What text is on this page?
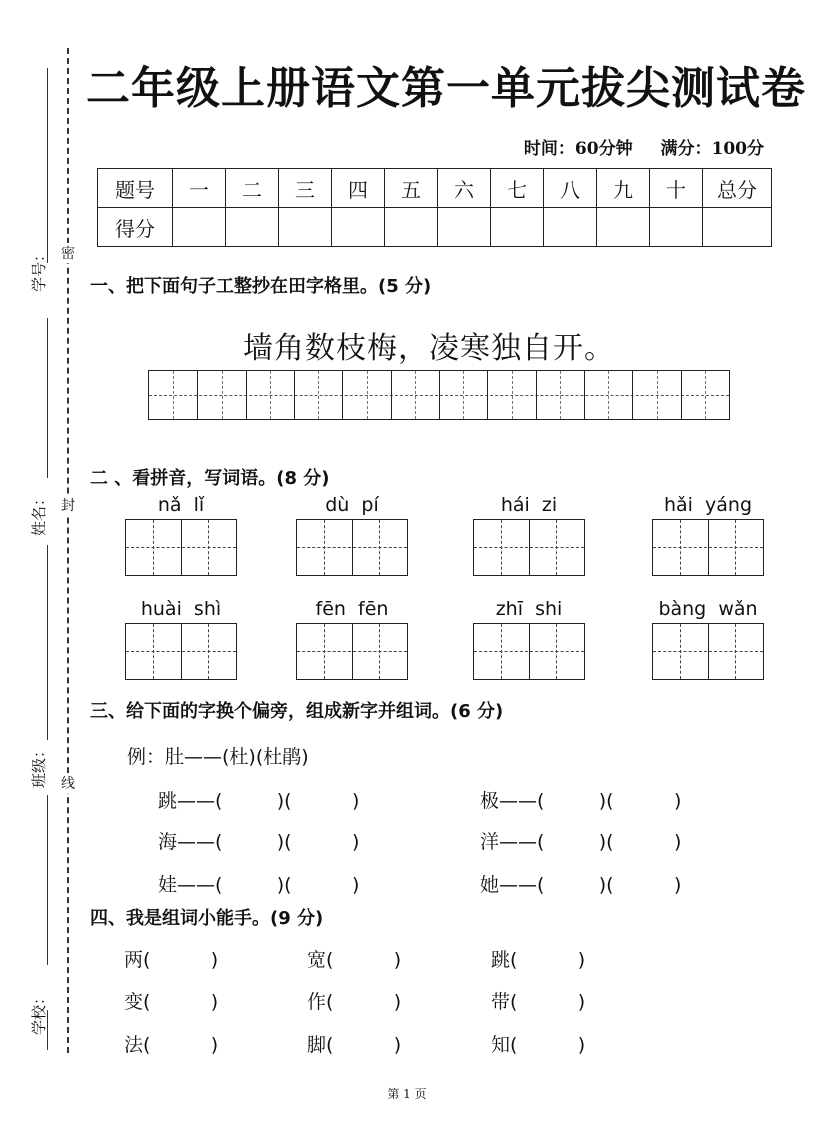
学号：
姓名：
班级：
学校：
密
封
线
二年级上册语文第一单元拔尖测试卷
时间：60分钟 满分：100分
题号	一	二	三	四	五	六	七	八	九	十	总分
得分											
一、把下面句子工整抄在田字格里。(5 分)
墙角数枝梅，凌寒独自开。
二 、看拼音，写词语。(8 分)
nǎ  lǐ	dù  pí	hái  zi	hǎi  yáng
huài  shì	fēn  fēn	zhī  shi	bàng  wǎn
三、给下面的字换个偏旁，组成新字并组词。(6 分)
例：肚——(杜)(杜鹃)
跳——(         )(          )	极——(         )(          )
海——(         )(          )	洋——(         )(          )
娃——(         )(          )	她——(         )(          )
四、我是组词小能手。(9 分)
两(          )	宽(          )	跳(          )
变(          )	作(          )	带(          )
法(          )	脚(          )	知(          )
第 1 页
